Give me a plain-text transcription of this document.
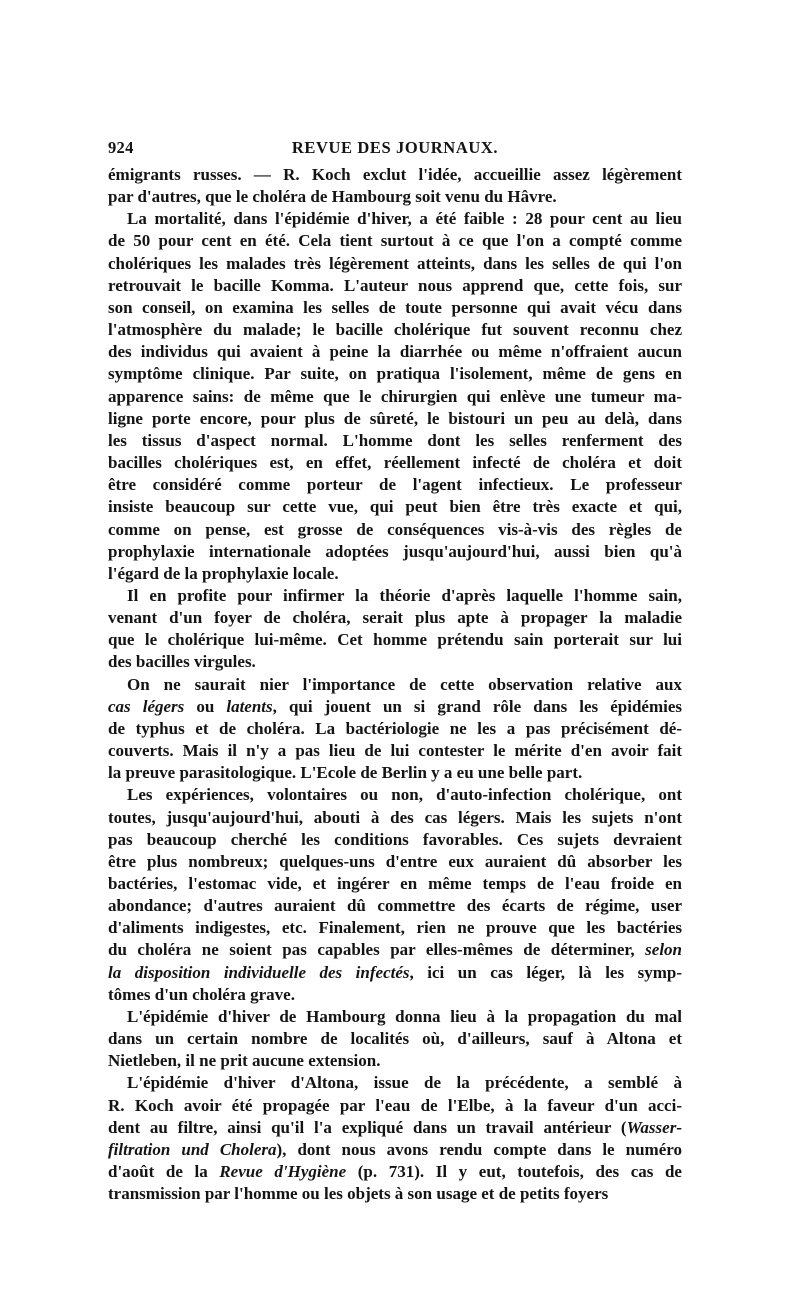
924	REVUE DES JOURNAUX.

émigrants russes. — R. Koch exclut l'idée, accueillie assez légèrement
par d'autres, que le choléra de Hambourg soit venu du Hâvre.

La mortalité, dans l'épidémie d'hiver, a été faible : 28 pour cent au lieu
de 50 pour cent en été. Cela tient surtout à ce que l'on a compté comme
cholériques les malades très légèrement atteints, dans les selles de qui l'on
retrouvait le bacille Komma. L'auteur nous apprend que, cette fois, sur
son conseil, on examina les selles de toute personne qui avait vécu dans
l'atmosphère du malade; le bacille cholérique fut souvent reconnu chez
des individus qui avaient à peine la diarrhée ou même n'offraient aucun
symptôme clinique. Par suite, on pratiqua l'isolement, même de gens en
apparence sains: de même que le chirurgien qui enlève une tumeur ma-
ligne porte encore, pour plus de sûreté, le bistouri un peu au delà, dans
les tissus d'aspect normal. L'homme dont les selles renferment des
bacilles cholériques est, en effet, réellement infecté de choléra et doit
être considéré comme porteur de l'agent infectieux. Le professeur
insiste beaucoup sur cette vue, qui peut bien être très exacte et qui,
comme on pense, est grosse de conséquences vis-à-vis des règles de
prophylaxie internationale adoptées jusqu'aujourd'hui, aussi bien qu'à
l'égard de la prophylaxie locale.

Il en profite pour infirmer la théorie d'après laquelle l'homme sain,
venant d'un foyer de choléra, serait plus apte à propager la maladie
que le cholérique lui-même. Cet homme prétendu sain porterait sur lui
des bacilles virgules.

On ne saurait nier l'importance de cette observation relative aux
cas légers ou latents, qui jouent un si grand rôle dans les épidémies
de typhus et de choléra. La bactériologie ne les a pas précisément dé-
couverts. Mais il n'y a pas lieu de lui contester le mérite d'en avoir fait
la preuve parasitologique. L'Ecole de Berlin y a eu une belle part.

Les expériences, volontaires ou non, d'auto-infection cholérique, ont
toutes, jusqu'aujourd'hui, abouti à des cas légers. Mais les sujets n'ont
pas beaucoup cherché les conditions favorables. Ces sujets devraient
être plus nombreux; quelques-uns d'entre eux auraient dû absorber les
bactéries, l'estomac vide, et ingérer en même temps de l'eau froide en
abondance; d'autres auraient dû commettre des écarts de régime, user
d'aliments indigestes, etc. Finalement, rien ne prouve que les bactéries
du choléra ne soient pas capables par elles-mêmes de déterminer, selon
la disposition individuelle des infectés, ici un cas léger, là les symp-
tômes d'un choléra grave.

L'épidémie d'hiver de Hambourg donna lieu à la propagation du mal
dans un certain nombre de localités où, d'ailleurs, sauf à Altona et
Nietleben, il ne prit aucune extension.

L'épidémie d'hiver d'Altona, issue de la précédente, a semblé à
R. Koch avoir été propagée par l'eau de l'Elbe, à la faveur d'un acci-
dent au filtre, ainsi qu'il l'a expliqué dans un travail antérieur (Wasser-
filtration und Cholera), dont nous avons rendu compte dans le numéro
d'août de la Revue d'Hygiène (p. 731). Il y eut, toutefois, des cas de
transmission par l'homme ou les objets à son usage et de petits foyers
